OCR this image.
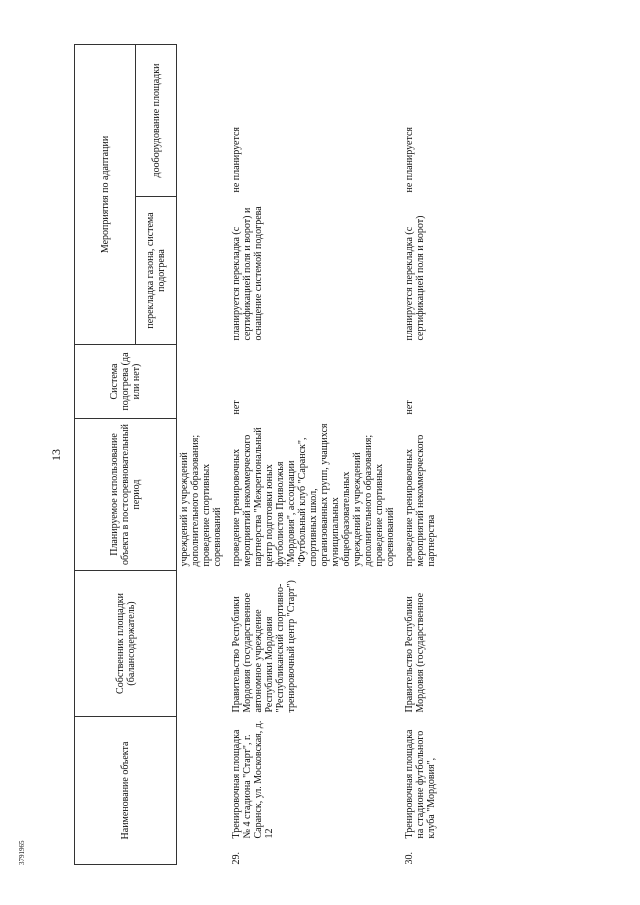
13
3791965
Наименование объекта		Собственник площадки (балансодержатель)	Планируемое использование объекта в постсоревновательный период	Система подогрева (да или нет)	Мероприятия по адаптации	
					перекладка газона, система подогрева	дооборудование площадки
			учреждений и учреждений дополнительного образования; проведение спортивных соревнований			
29.	Тренировочная площадка № 4 стадиона "Старт", г. Саранск, ул. Московская, д. 12	Правительство Республики Мордовия (государственное автономное учреждение Республики Мордовия "Республиканский спортивно-тренировочный центр "Старт")	проведение тренировочных мероприятий некоммерческого партнерства "Межрегиональный центр подготовки юных футболистов Приволжья "Мордовия", ассоциации "Футбольный клуб "Саранск", спортивных школ, организованных групп, учащихся муниципальных общеобразовательных учреждений и учреждений дополнительного образования; проведение спортивных соревнований	нет	планируется перекладка (с сертификацией поля и ворот) и оснащение системой подогрева	не планируется
30.	Тренировочная площадка на стадионе футбольного клуба "Мордовия",	Правительство Республики Мордовия (государственное	проведение тренировочных мероприятий некоммерческого партнерства	нет	планируется перекладка (с сертификацией поля и ворот)	не планируется
